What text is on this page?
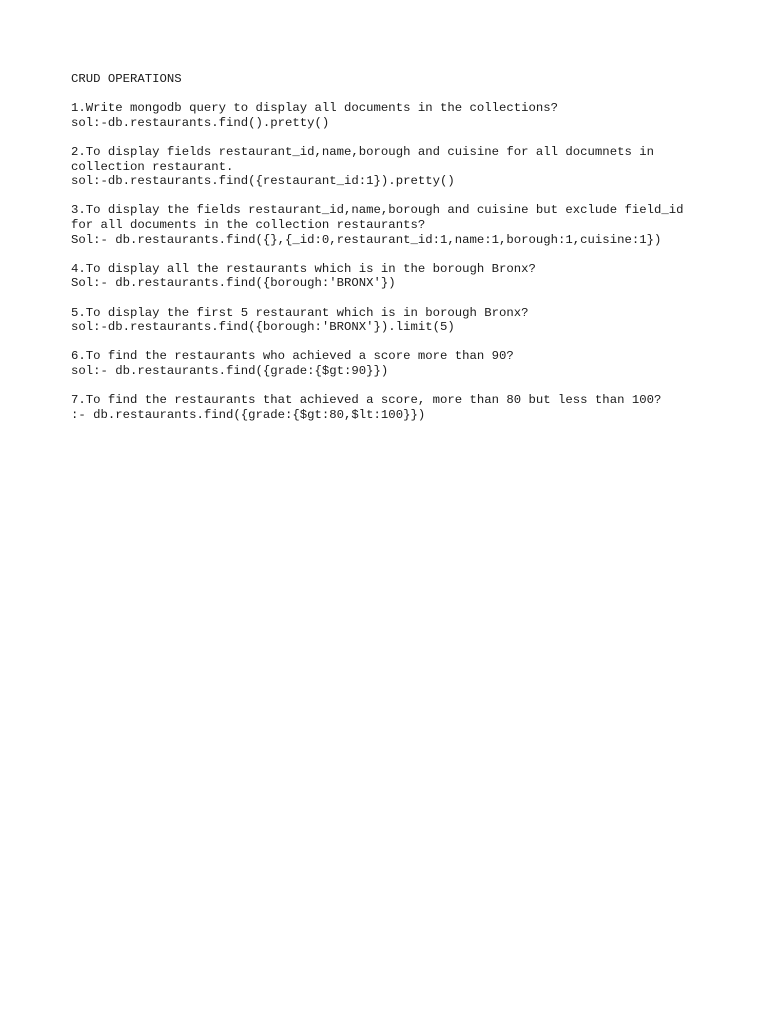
CRUD OPERATIONS
1.Write mongodb query to display all documents in the collections?
sol:-db.restaurants.find().pretty()
2.To display fields restaurant_id,name,borough and cuisine for all documnets in
collection restaurant.
sol:-db.restaurants.find({restaurant_id:1}).pretty()
3.To display the fields restaurant_id,name,borough and cuisine but exclude field_id
for all documents in the collection restaurants?
Sol:- db.restaurants.find({},{_id:0,restaurant_id:1,name:1,borough:1,cuisine:1})
4.To display all the restaurants which is in the borough Bronx?
Sol:- db.restaurants.find({borough:'BRONX'})
5.To display the first 5 restaurant which is in borough Bronx?
sol:-db.restaurants.find({borough:'BRONX'}).limit(5)
6.To find the restaurants who achieved a score more than 90?
sol:- db.restaurants.find({grade:{$gt:90}})
7.To find the restaurants that achieved a score, more than 80 but less than 100?
:- db.restaurants.find({grade:{$gt:80,$lt:100}})
